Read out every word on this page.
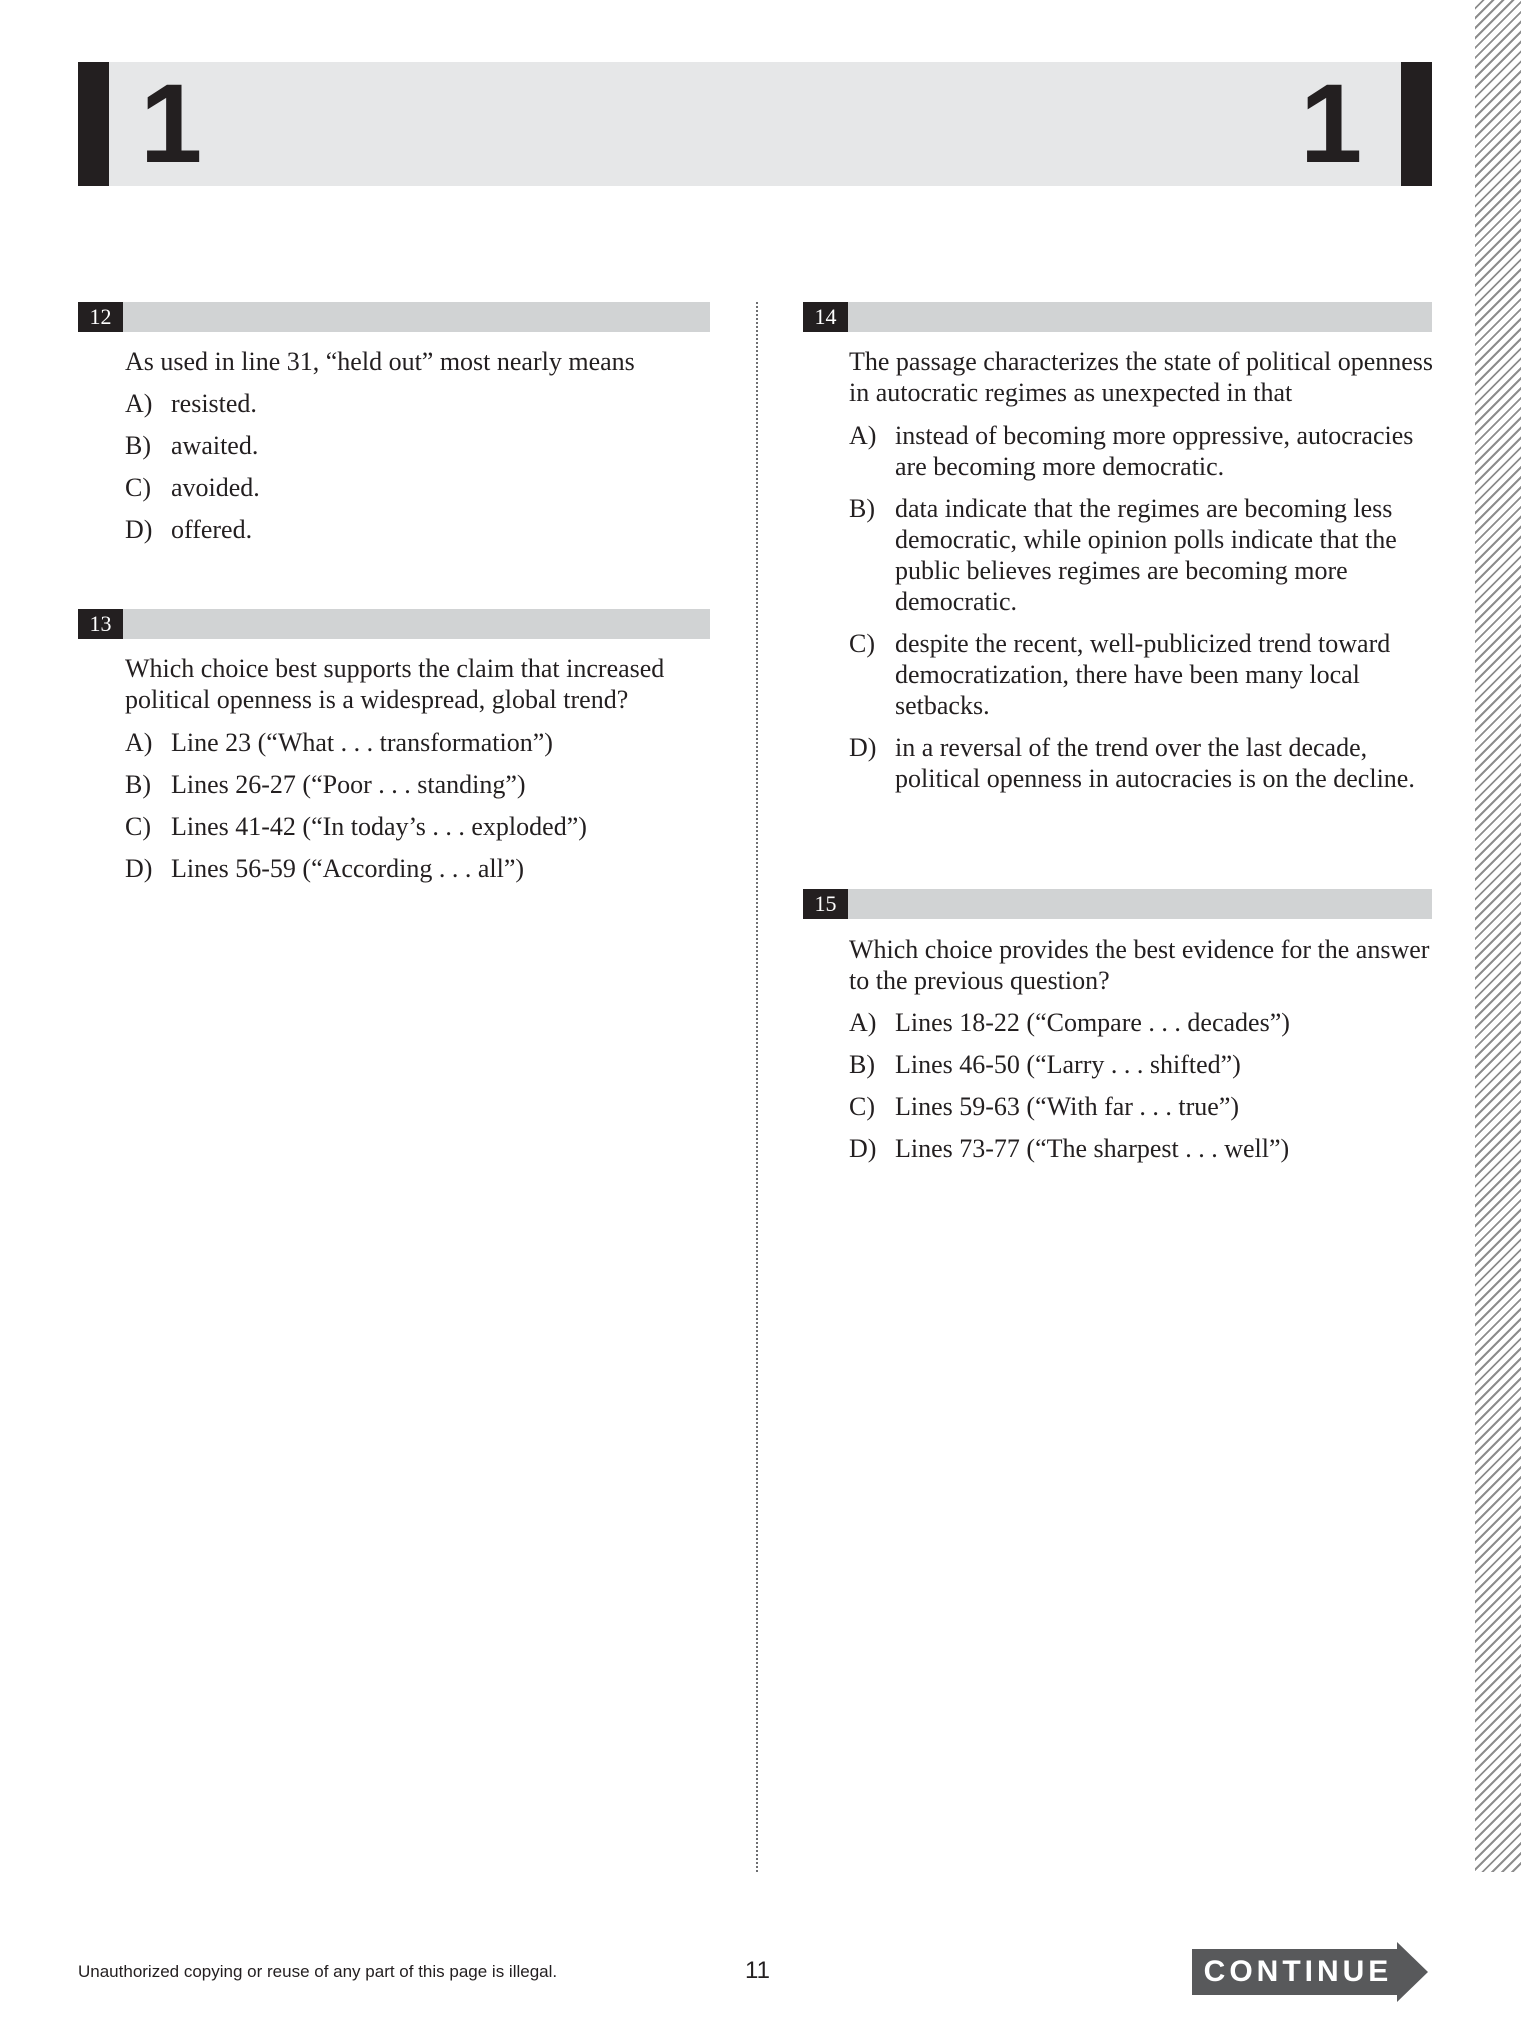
1	1
12

As used in line 31, “held out” most nearly means

A) resisted.
B) awaited.
C) avoided.
D) offered.
13

Which choice best supports the claim that increased political openness is a widespread, global trend?

A) Line 23 (“What . . . transformation”)
B) Lines 26-27 (“Poor . . . standing”)
C) Lines 41-42 (“In today’s . . . exploded”)
D) Lines 56-59 (“According . . . all”)
14

The passage characterizes the state of political openness in autocratic regimes as unexpected in that

A) instead of becoming more oppressive, autocracies are becoming more democratic.
B) data indicate that the regimes are becoming less democratic, while opinion polls indicate that the public believes regimes are becoming more democratic.
C) despite the recent, well-publicized trend toward democratization, there have been many local setbacks.
D) in a reversal of the trend over the last decade, political openness in autocracies is on the decline.
15

Which choice provides the best evidence for the answer to the previous question?

A) Lines 18-22 (“Compare . . . decades”)
B) Lines 46-50 (“Larry . . . shifted”)
C) Lines 59-63 (“With far . . . true”)
D) Lines 73-77 (“The sharpest . . . well”)
Unauthorized copying or reuse of any part of this page is illegal.	11	CONTINUE
